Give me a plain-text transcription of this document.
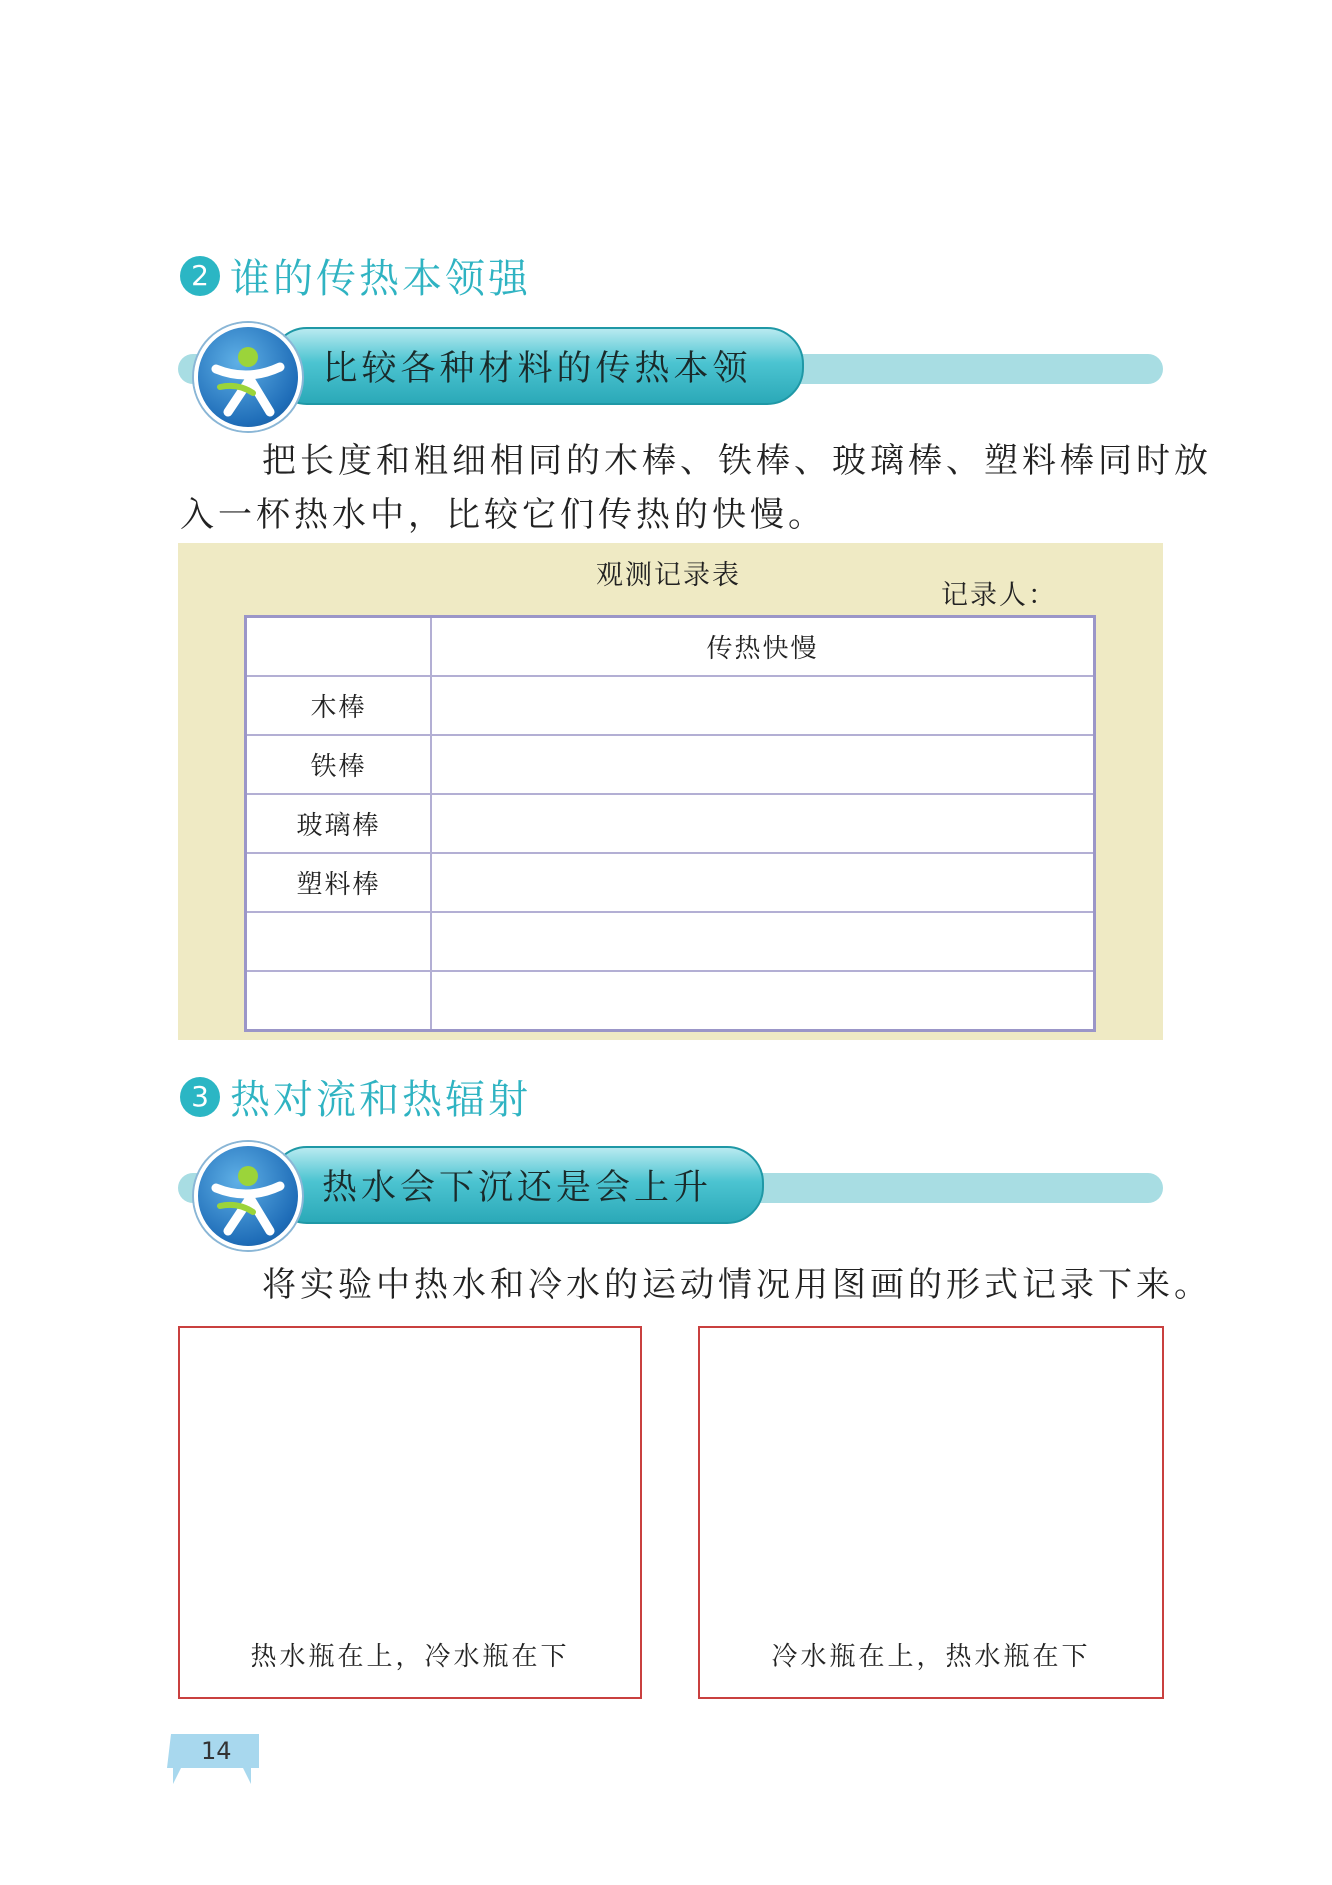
2 谁的传热本领强
比较各种材料的传热本领
把长度和粗细相同的木棒、铁棒、玻璃棒、塑料棒同时放
入一杯热水中，比较它们传热的快慢。
观测记录表
记录人：
传热快慢
木棒
铁棒
玻璃棒
塑料棒
3 热对流和热辐射
热水会下沉还是会上升
将实验中热水和冷水的运动情况用图画的形式记录下来。
热水瓶在上，冷水瓶在下	冷水瓶在上，热水瓶在下
14
